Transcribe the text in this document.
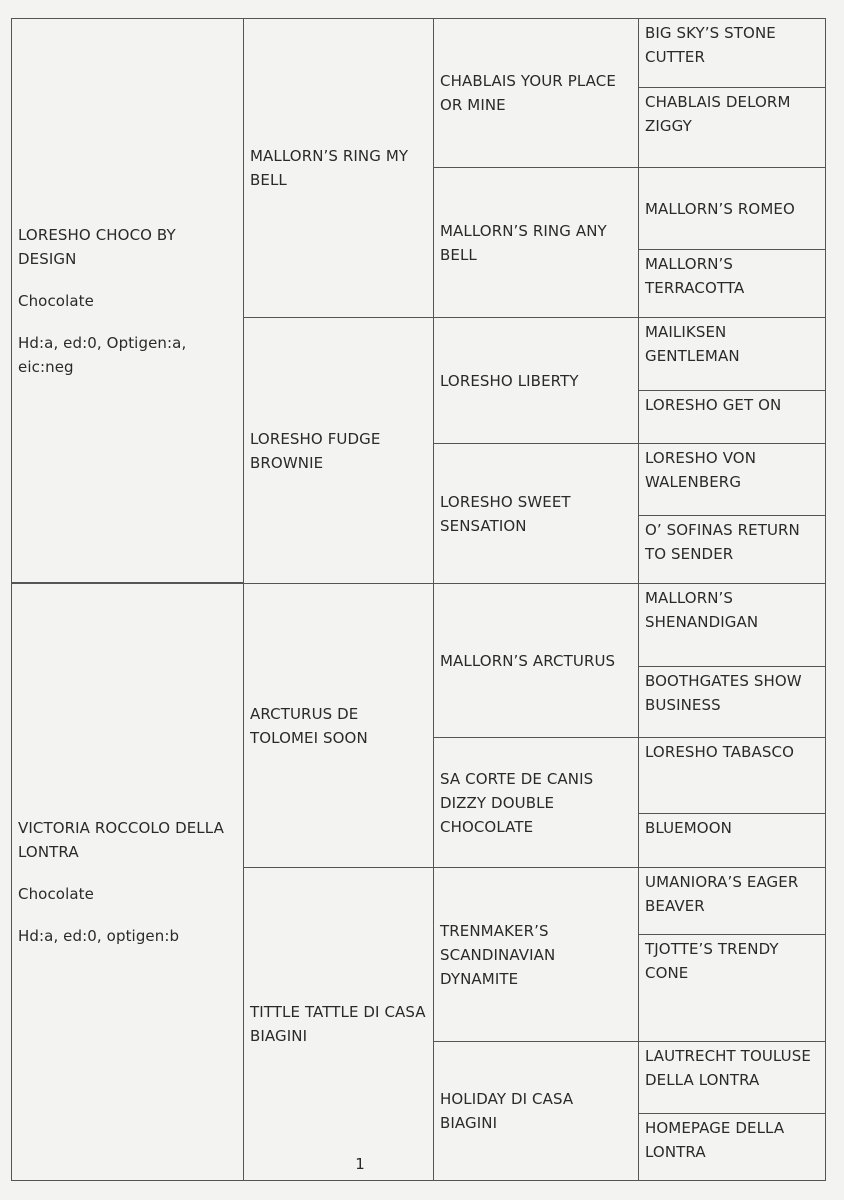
LORESHO CHOCO BY DESIGN

Chocolate

Hd:a, ed:0, Optigen:a, eic:neg

VICTORIA ROCCOLO DELLA LONTRA

Chocolate

Hd:a, ed:0, optigen:b

MALLORN’S RING MY BELL
LORESHO FUDGE BROWNIE
ARCTURUS DE TOLOMEI SOON
TITTLE TATTLE DI CASA BIAGINI
CHABLAIS YOUR PLACE OR MINE
MALLORN’S RING ANY BELL
LORESHO LIBERTY
LORESHO SWEET SENSATION
MALLORN’S ARCTURUS
SA CORTE DE CANIS DIZZY DOUBLE CHOCOLATE
TRENMAKER’S SCANDINAVIAN DYNAMITE
HOLIDAY DI CASA BIAGINI
BIG SKY’S STONE CUTTER
CHABLAIS DELORM ZIGGY
MALLORN’S ROMEO
MALLORN’S TERRACOTTA
MAILIKSEN GENTLEMAN
LORESHO GET ON
LORESHO VON WALENBERG
O’ SOFINAS RETURN TO SENDER
MALLORN’S SHENANDIGAN
BOOTHGATES SHOW BUSINESS
LORESHO TABASCO
BLUEMOON
UMANIORA’S EAGER BEAVER
TJOTTE’S TRENDY CONE
LAUTRECHT TOULUSE DELLA LONTRA
HOMEPAGE DELLA LONTRA
1
